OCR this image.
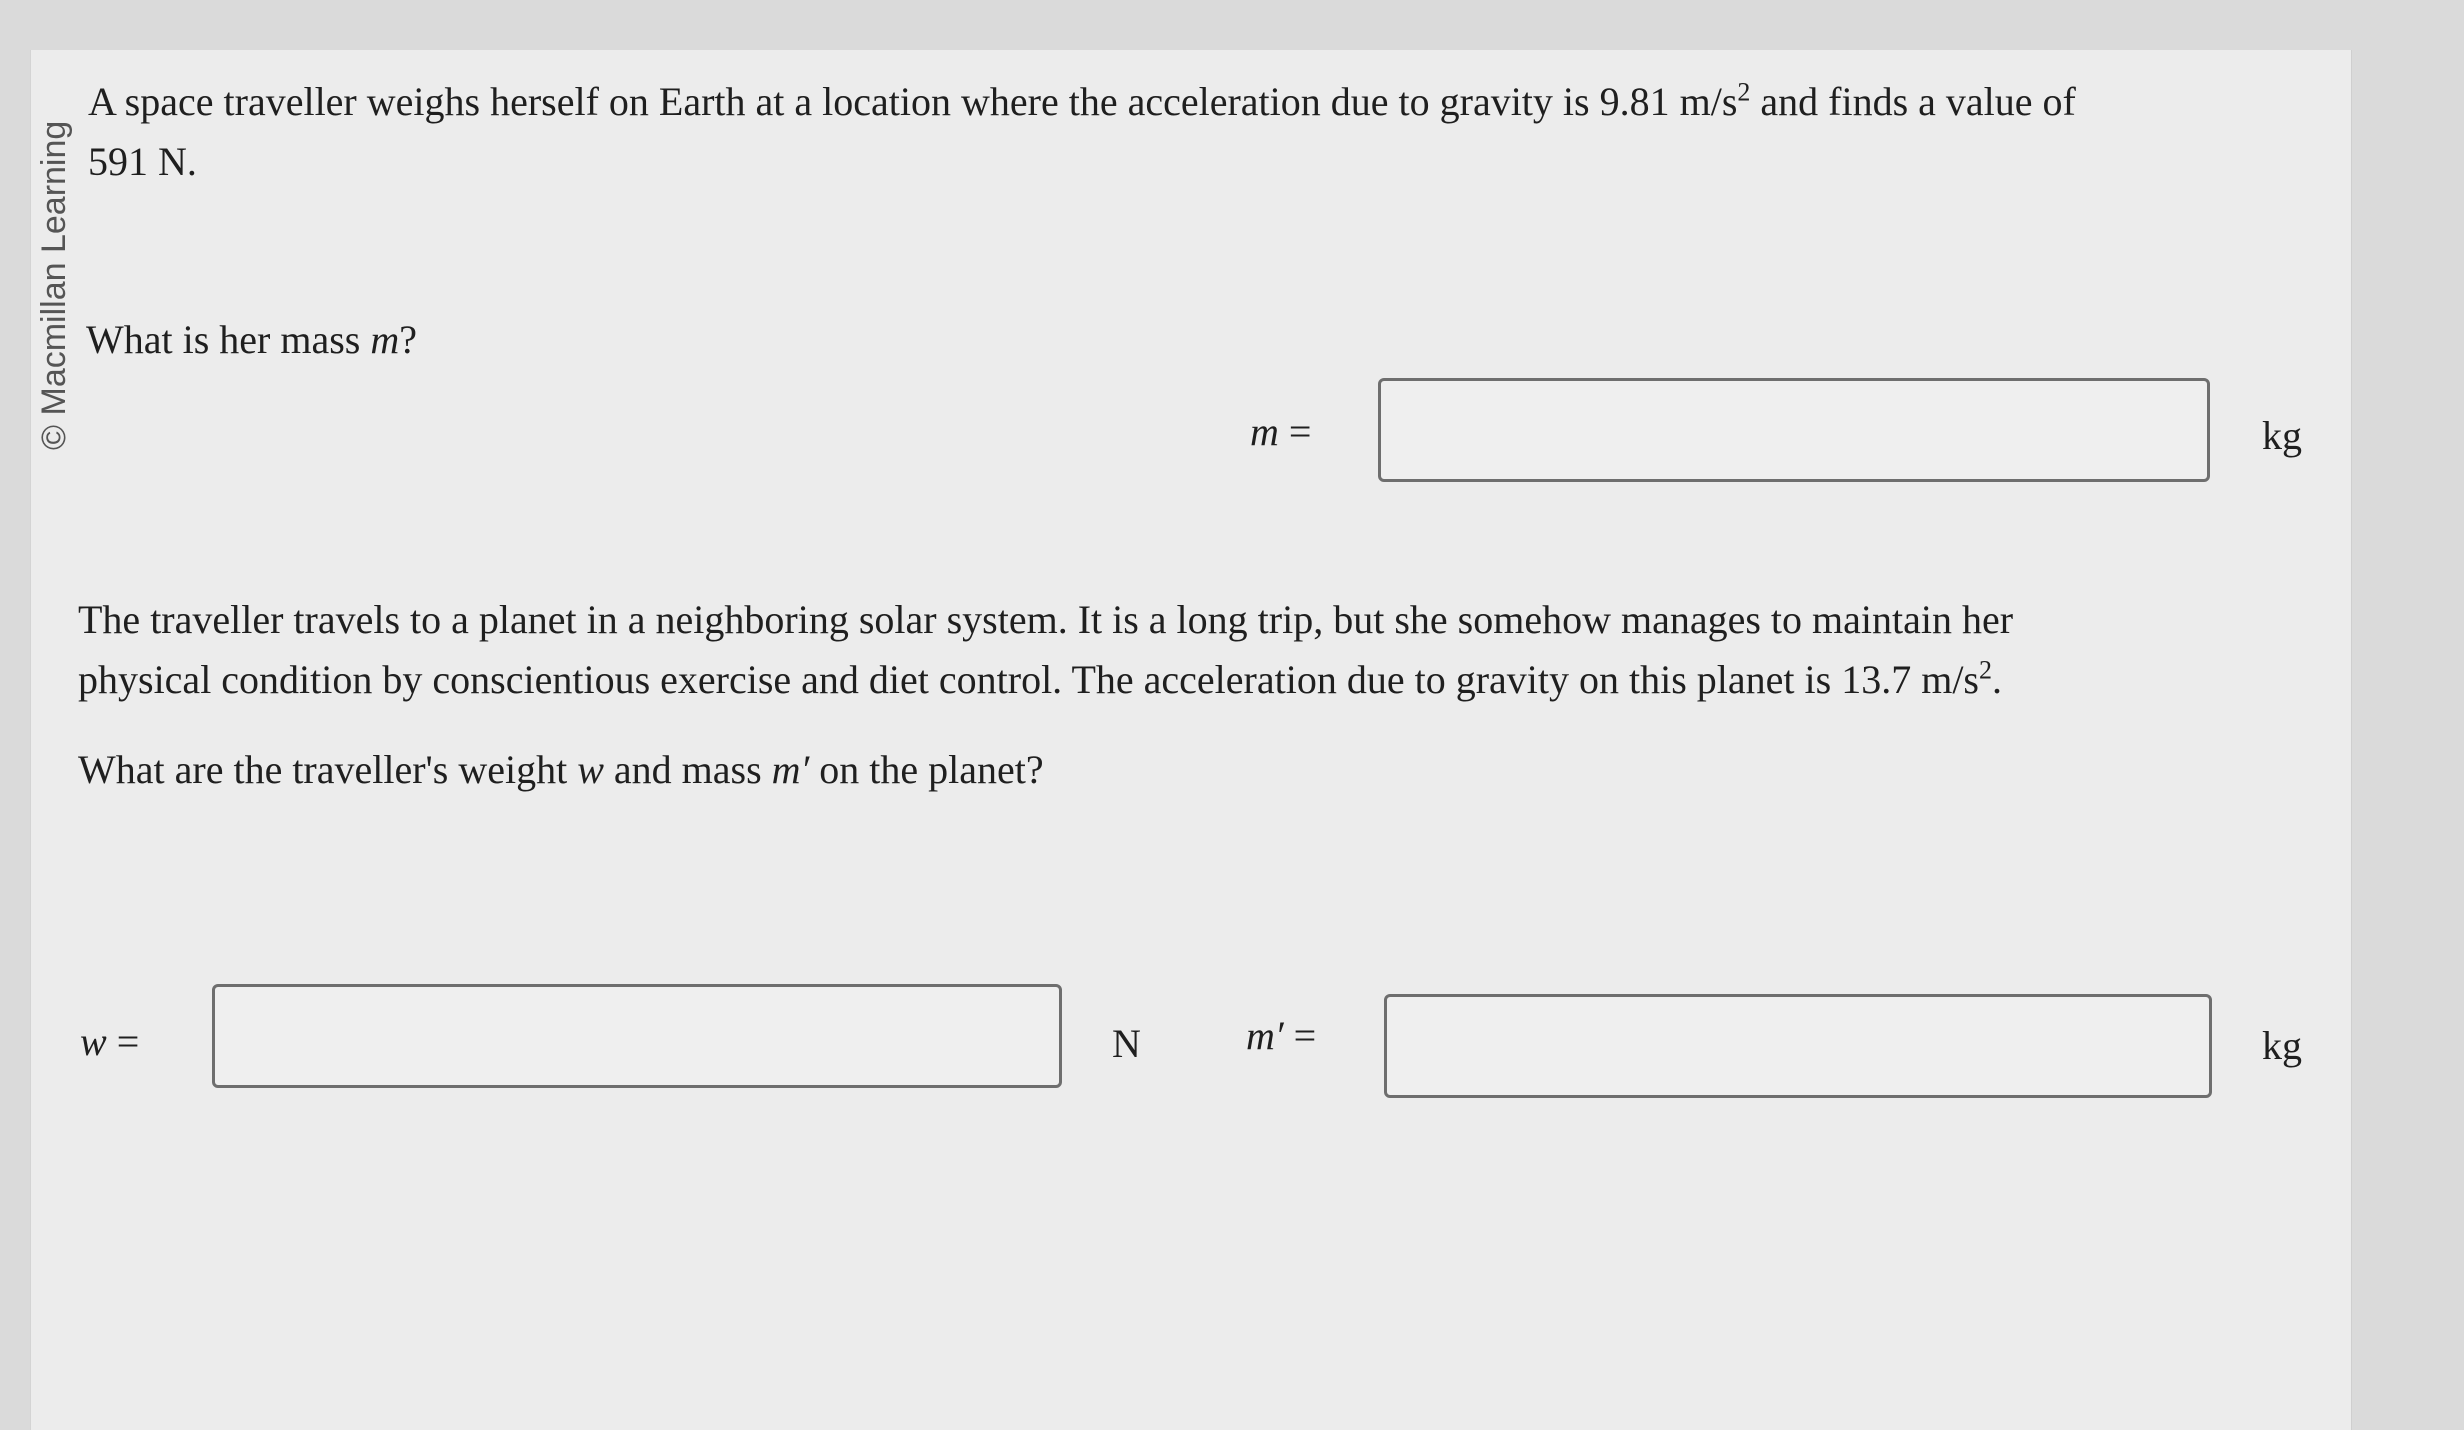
© Macmillan Learning
A space traveller weighs herself on Earth at a location where the acceleration due to gravity is 9.81 $m/s^2$ and finds a value of
591 N.
What is her mass m?
m =	kg
The traveller travels to a planet in a neighboring solar system. It is a long trip, but she somehow manages to maintain her
physical condition by conscientious exercise and diet control. The acceleration due to gravity on this planet is 13.7 $m/s^2$.
What are the traveller's weight w and mass m′ on the planet?
w =	N	m′ =	kg
